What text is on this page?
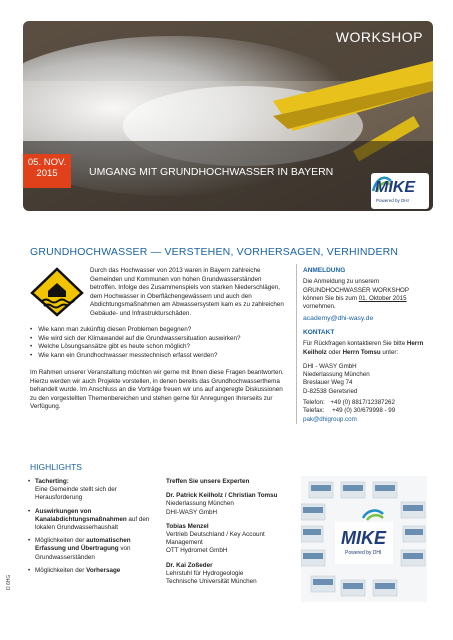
WORKSHOP
05. NOV.
2015	UMGANG MIT GRUNDHOCHWASSER IN BAYERN
MIKE
Powered by DHI
GRUNDHOCHWASSER — VERSTEHEN, VORHERSAGEN, VERHINDERN
Durch das Hochwasser von 2013 waren in Bayern zahlreiche Gemeinden und Kommunen von hohen Grundwasserständen betroffen. Infolge des Zusammenspiels von starken Niederschlägen, dem Hochwasser in Oberflächengewässern und auch den Abdichtungsmaßnahmen am Abwassersystem kam es zu zahlreichen Gebäude- und Infrastrukturschäden.
• Wie kann man zukünftig diesen Problemen begegnen?
• Wie wird sich der Klimawandel auf die Grundwassersituation auswirken?
• Welche Lösungsansätze gibt es heute schon möglich?
• Wie kann ein Grundhochwasser messtechnisch erfasst werden?
Im Rahmen unserer Veranstaltung möchten wir gerne mit Ihnen diese Fragen beantworten. Hierzu werden wir auch Projekte vorstellen, in denen bereits das Grundhochwasserthema behandelt wurde. Im Anschluss an die Vorträge freuen wir uns auf angeregte Diskussionen zu den vorgestellten Themenbereichen und stehen gerne für Anregungen Ihrerseits zur Verfügung.
ANMELDUNG
Die Anmeldung zu unserem GRUNDHOCHWASSER WORKSHOP können Sie bis zum 01. Oktober 2015 vornehmen.
academy@dhi-wasy.de
KONTAKT
Für Rückfragen kontaktieren Sie bitte Herrn Keilholz oder Herrn Tomsu unter:
DHI - WASY GmbH
Niederlassung München
Breslauer Weg 74
D-82538 Geretsried
Telefon: +49 (0) 8817/12387262
Telefax: +49 (0) 30/679998 - 99
pak@dhigroup.com
HIGHLIGHTS
• Tacherting:
Eine Gemeinde stellt sich der Herausforderung
• Auswirkungen von Kanalabdichtungsmaßnahmen auf den lokalen Grundwasserhaushalt
• Möglichkeiten der automatischen Erfassung und Übertragung von Grundwasserständen
• Möglichkeiten der Vorhersage
Treffen Sie unsere Experten
Dr. Patrick Keilholz / Christian Tomsu
Niederlassung München
DHI-WASY GmbH
Tobias Menzel
Vertrieb Deutschland / Key Account Management
OTT Hydromet GmbH
Dr. Kai Zoßeder
Lehrstuhl für Hydrogeologie
Technische Universität München
MIKE
Powered by DHI
D 6HG
